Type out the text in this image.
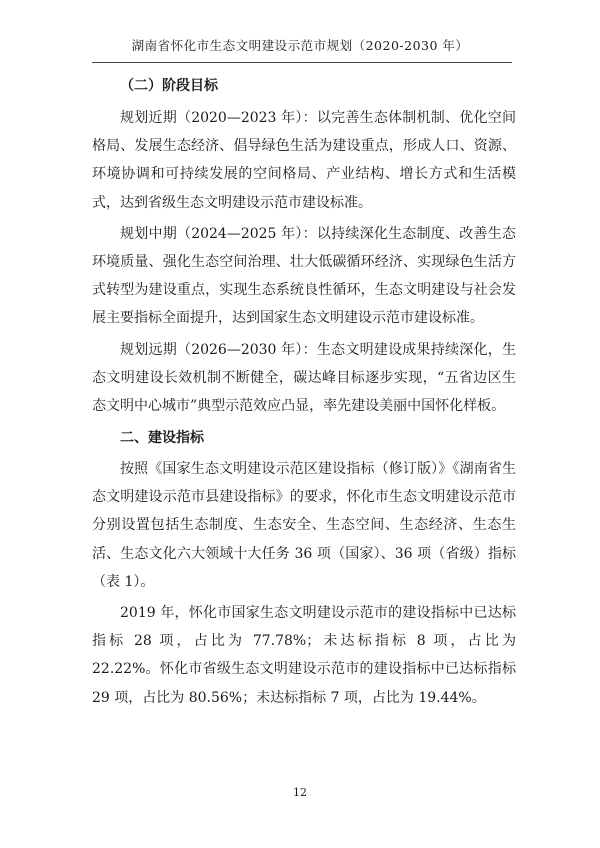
湖南省怀化市生态文明建设示范市规划（2020-2030 年）
（二）阶段目标

规划近期（2020—2023 年）：以完善生态体制机制、优化空间格局、发展生态经济、倡导绿色生活为建设重点，形成人口、资源、环境协调和可持续发展的空间格局、产业结构、增长方式和生活模式，达到省级生态文明建设示范市建设标准。

规划中期（2024—2025 年）：以持续深化生态制度、改善生态环境质量、强化生态空间治理、壮大低碳循环经济、实现绿色生活方式转型为建设重点，实现生态系统良性循环，生态文明建设与社会发展主要指标全面提升，达到国家生态文明建设示范市建设标准。

规划远期（2026—2030 年）：生态文明建设成果持续深化，生态文明建设长效机制不断健全，碳达峰目标逐步实现，“五省边区生态文明中心城市”典型示范效应凸显，率先建设美丽中国怀化样板。

二、建设指标

按照《国家生态文明建设示范区建设指标（修订版）》《湖南省生态文明建设示范市县建设指标》的要求，怀化市生态文明建设示范市分别设置包括生态制度、生态安全、生态空间、生态经济、生态生活、生态文化六大领域十大任务 36 项（国家）、36 项（省级）指标（表 1）。

2019 年，怀化市国家生态文明建设示范市的建设指标中已达标指标 28 项，占比为 77.78%；未达标指标 8 项，占比为 22.22%。怀化市省级生态文明建设示范市的建设指标中已达标指标 29 项，占比为 80.56%；未达标指标 7 项，占比为 19.44%。

12
